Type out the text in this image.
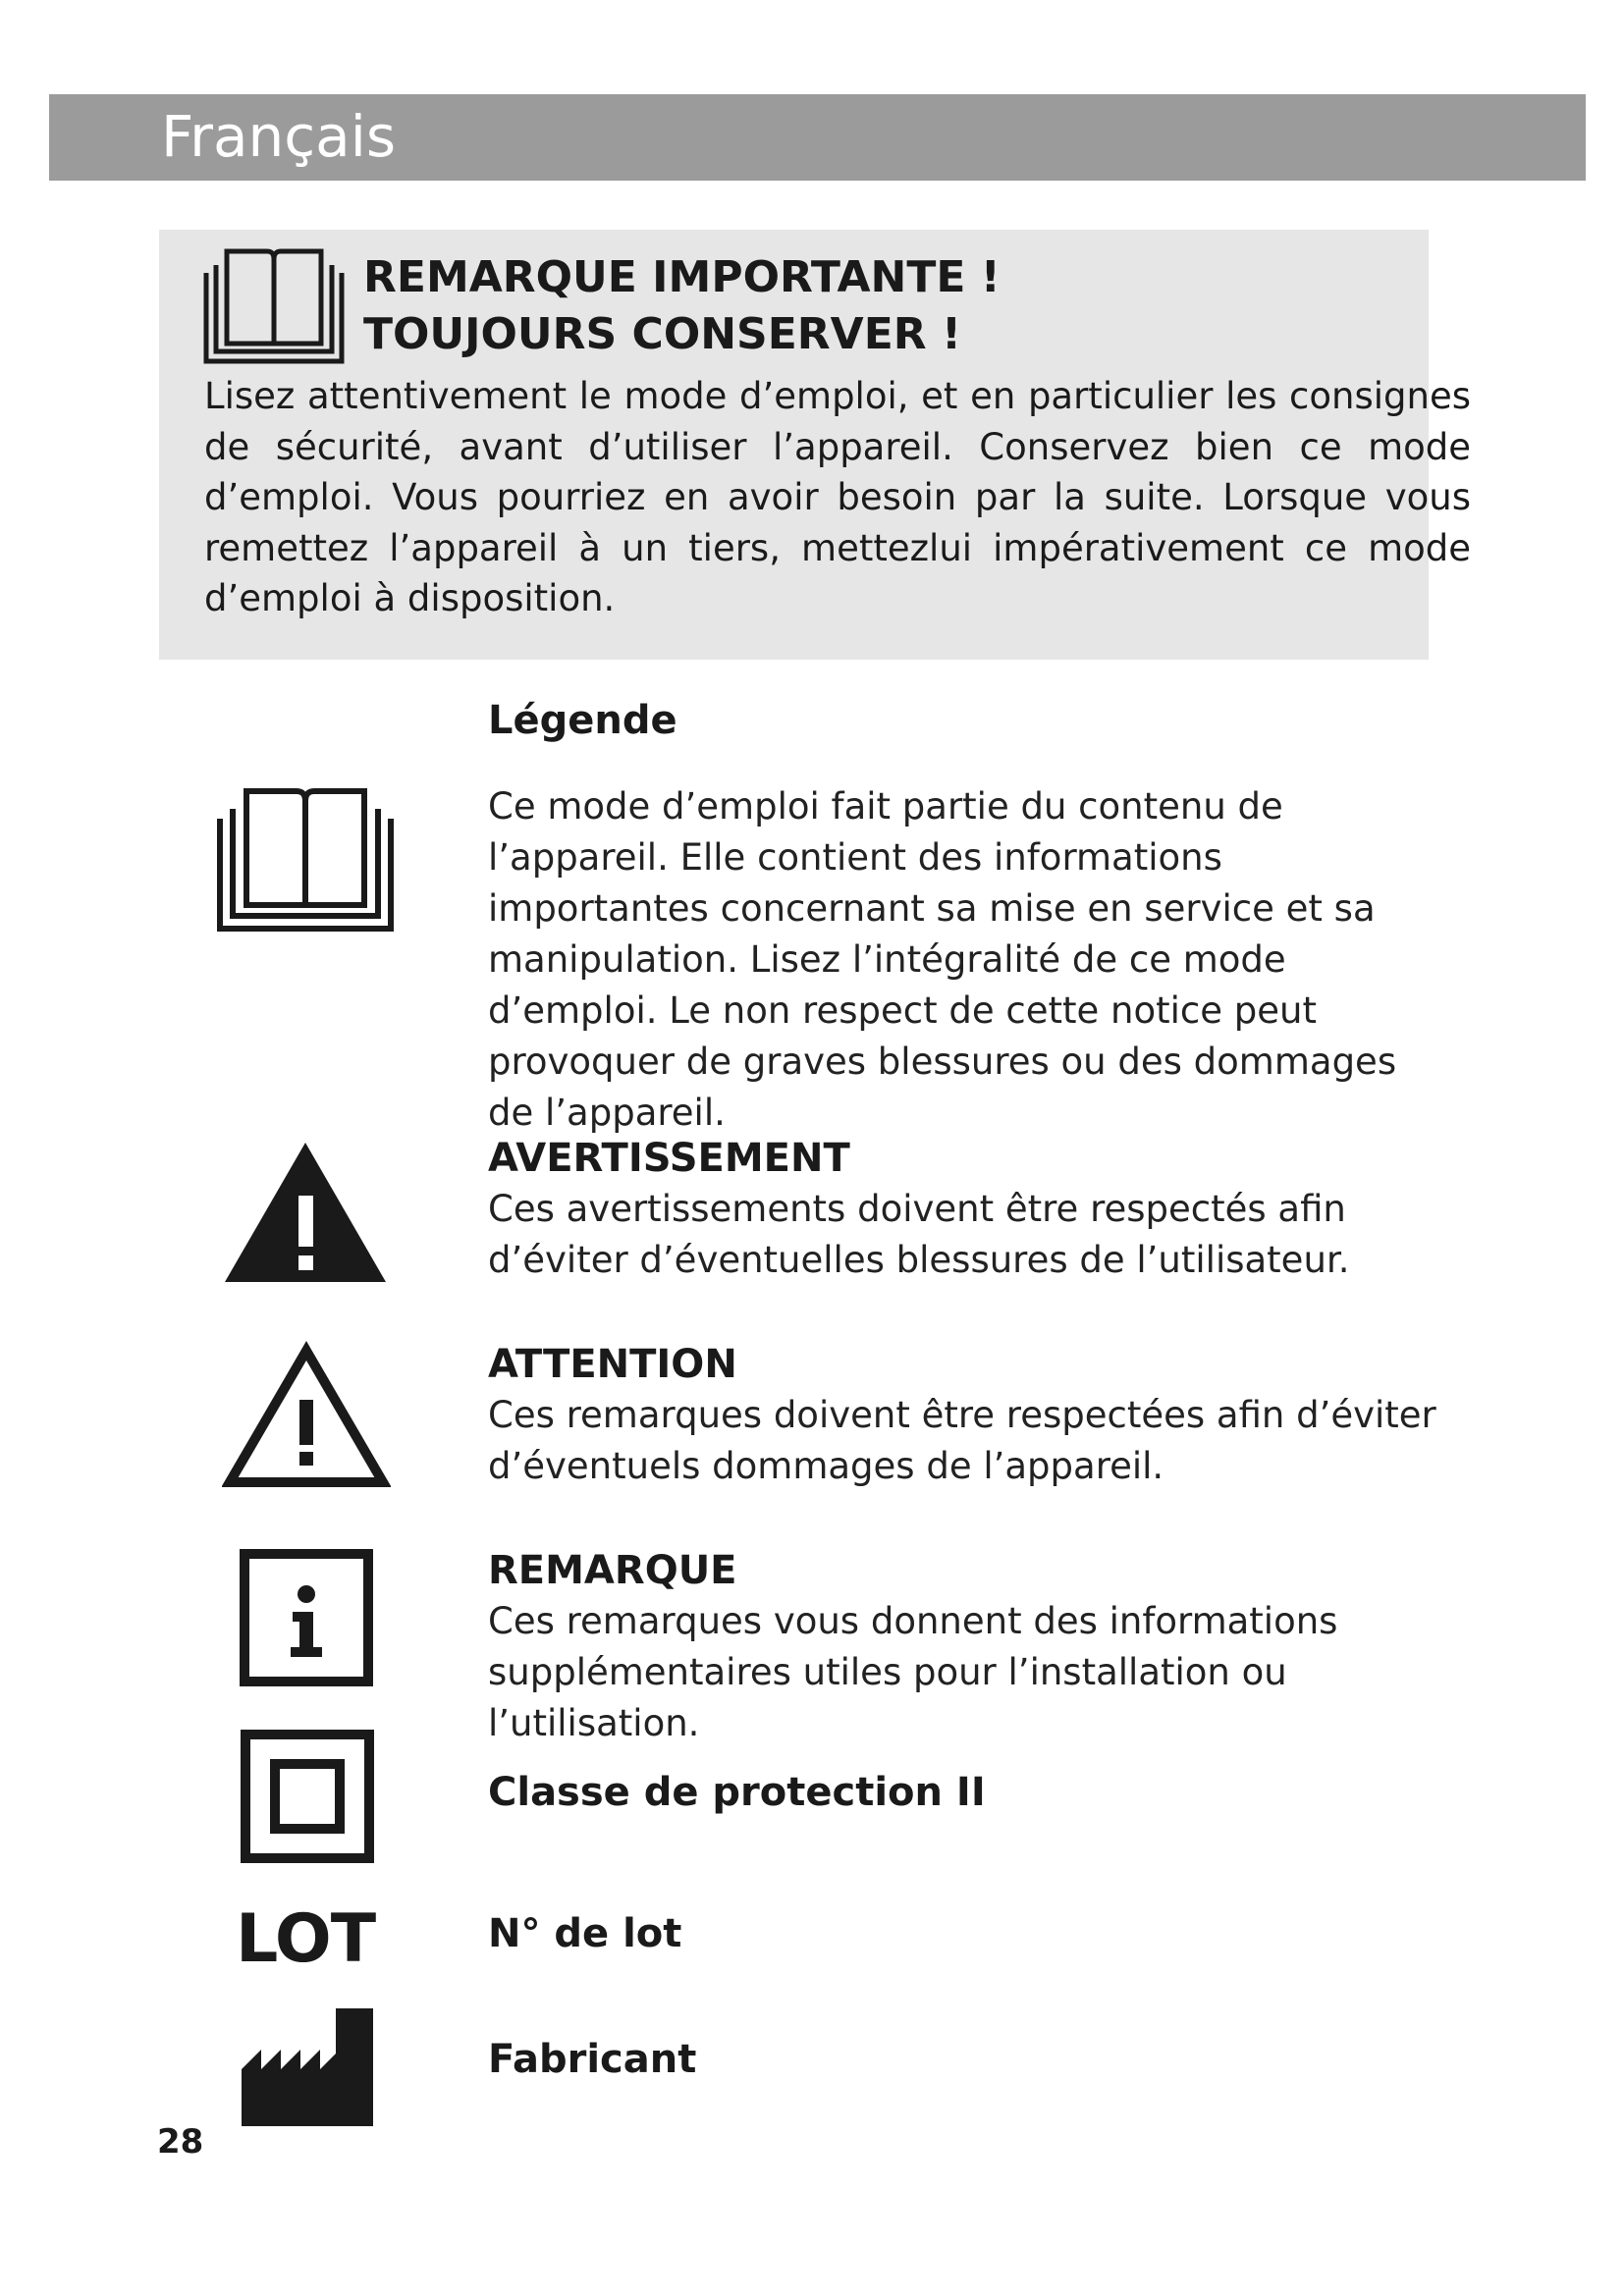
Français
REMARQUE IMPORTANTE !
TOUJOURS CONSERVER !

Lisez attentivement le mode d’emploi, et en particulier les consignes de sécurité, avant d’utiliser l’appareil. Conservez bien ce mode d’emploi. Vous pourriez en avoir besoin par la suite. Lorsque vous remettez l’appareil à un tiers, mettezlui impérativement ce mode d’emploi à disposition.

Légende

Ce mode d’emploi fait partie du contenu de l’appareil. Elle contient des informations importantes concernant sa mise en service et sa manipulation. Lisez l’intégralité de ce mode d’emploi. Le non respect de cette notice peut provoquer de graves blessures ou des dommages de l’appareil.

AVERTISSEMENT

Ces avertissements doivent être respectés afin d’éviter d’éventuelles blessures de l’utilisateur.

ATTENTION

Ces remarques doivent être respectées afin d’éviter d’éventuels dommages de l’appareil.

REMARQUE

Ces remarques vous donnent des informations supplémentaires utiles pour l’installation ou l’utilisation.

Classe de protection II

LOT	N° de lot

Fabricant

28
